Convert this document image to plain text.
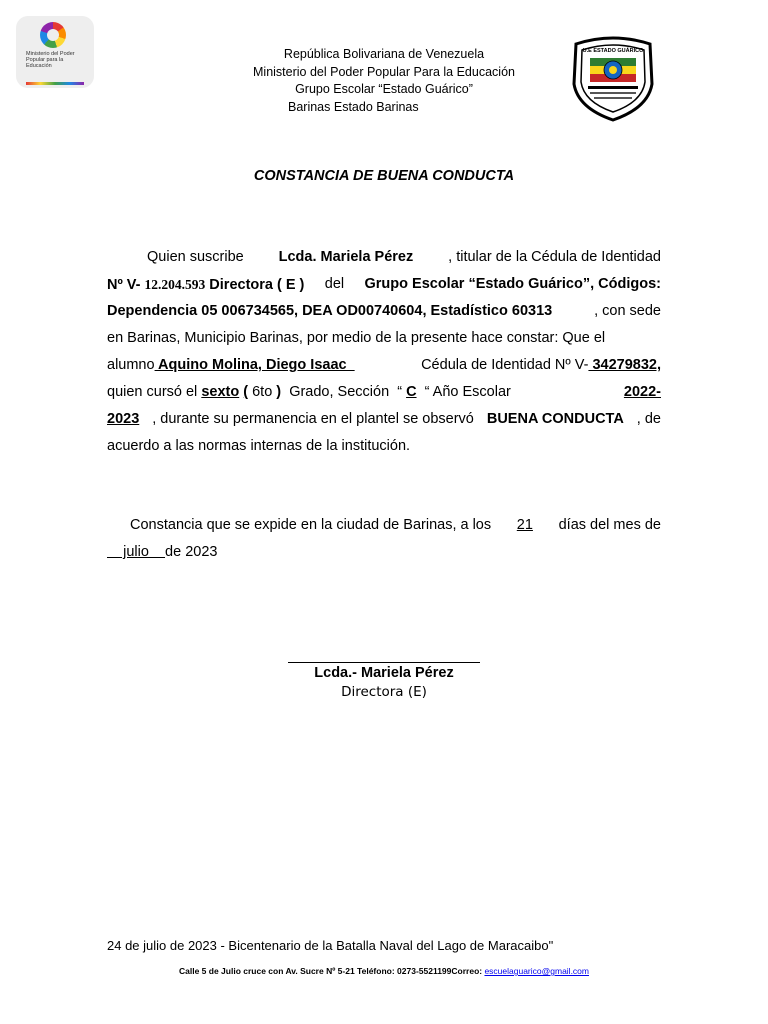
Ministerio del Poder Popular para la Educación
U.E ESTADO GUÁRICO
República Bolivariana de Venezuela
Ministerio del Poder Popular Para la Educación
Grupo Escolar “Estado Guárico”
Barinas Estado Barinas
CONSTANCIA DE BUENA CONDUCTA
Quien suscribe Lcda. Mariela Pérez , titular de la Cédula de Identidad
Nº V- 12.204.593 Directora ( E ) del Grupo Escolar “Estado Guárico”, Códigos:
Dependencia 05 006734565, DEA OD00740604, Estadístico 60313	, con sede
en Barinas, Municipio Barinas, por medio de la presente hace constar: Que el
alumno Aquino Molina, Diego Isaac	Cédula de Identidad Nº V- 34279832,
quien cursó el sexto ( 6to )  Grado, Sección  “ C  “ Año Escolar	2022-
2023 , durante su permanencia en el plantel se observó BUENA CONDUCTA , de
acuerdo a las normas internas de la institución.
Constancia que se expide en la ciudad de Barinas, a los 21 días del mes de
julio de 2023
Lcda.- Mariela Pérez
Directora (E)
24 de julio de 2023 - Bicentenario de la Batalla Naval del Lago de Maracaibo"
Calle 5 de Julio cruce con Av. Sucre Nº 5-21 Teléfono: 0273-5521199Correo: escuelaguarico@gmail.com
